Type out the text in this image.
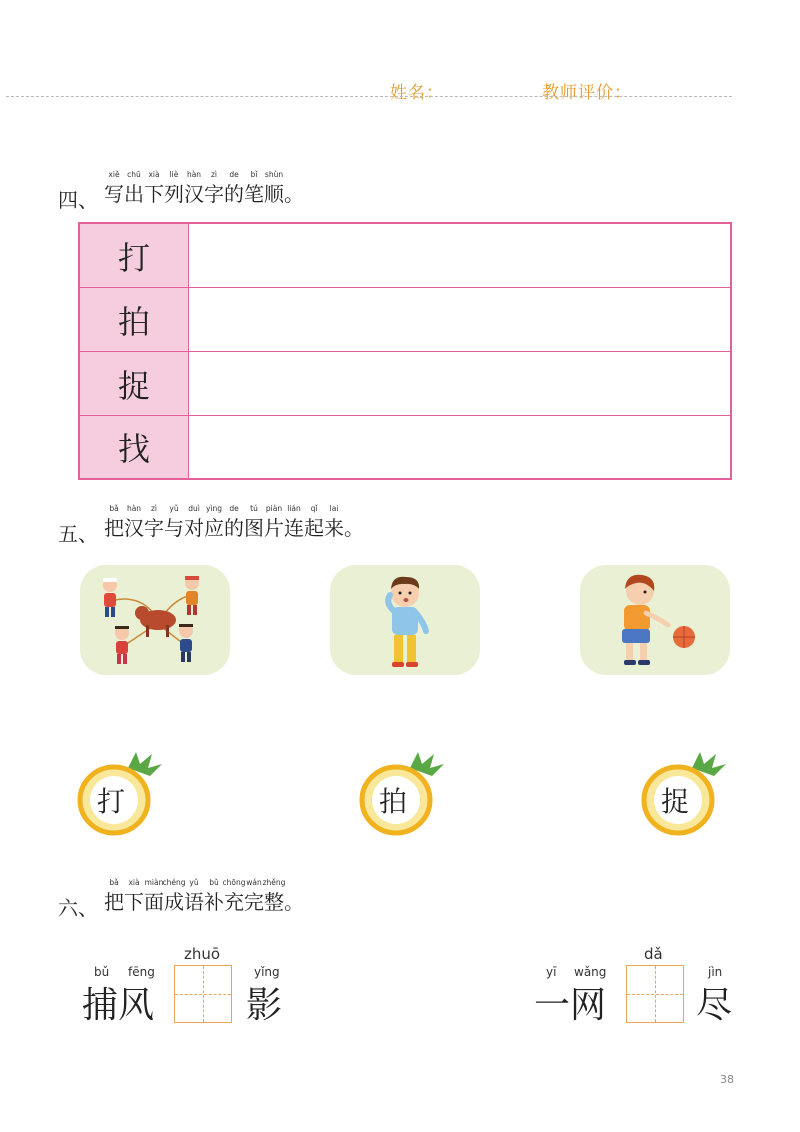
姓名：	教师评价：
四、
xiě
写
chū
出
xià
下
liè
列
hàn
汉
zì
字
de
的
bǐ
笔
shùn
顺 。
打
拍
捉
找
五、
bǎ
把
hàn
汉
zì
字
yǔ
与
duì
对
yìng
应
de
的
tú
图
piàn
片
lián
连
qǐ
起
lai
来 。
打	拍	捉
六、
bǎ
把
xià
下
miàn
面
chéng
成
yǔ
语
bǔ
补
chōng
充
wán
完
zhěng
整 。
bǔ fēng
捕 风
zhuō
yǐng
影
yī wǎng
一 网
dǎ
jìn
尽
38
